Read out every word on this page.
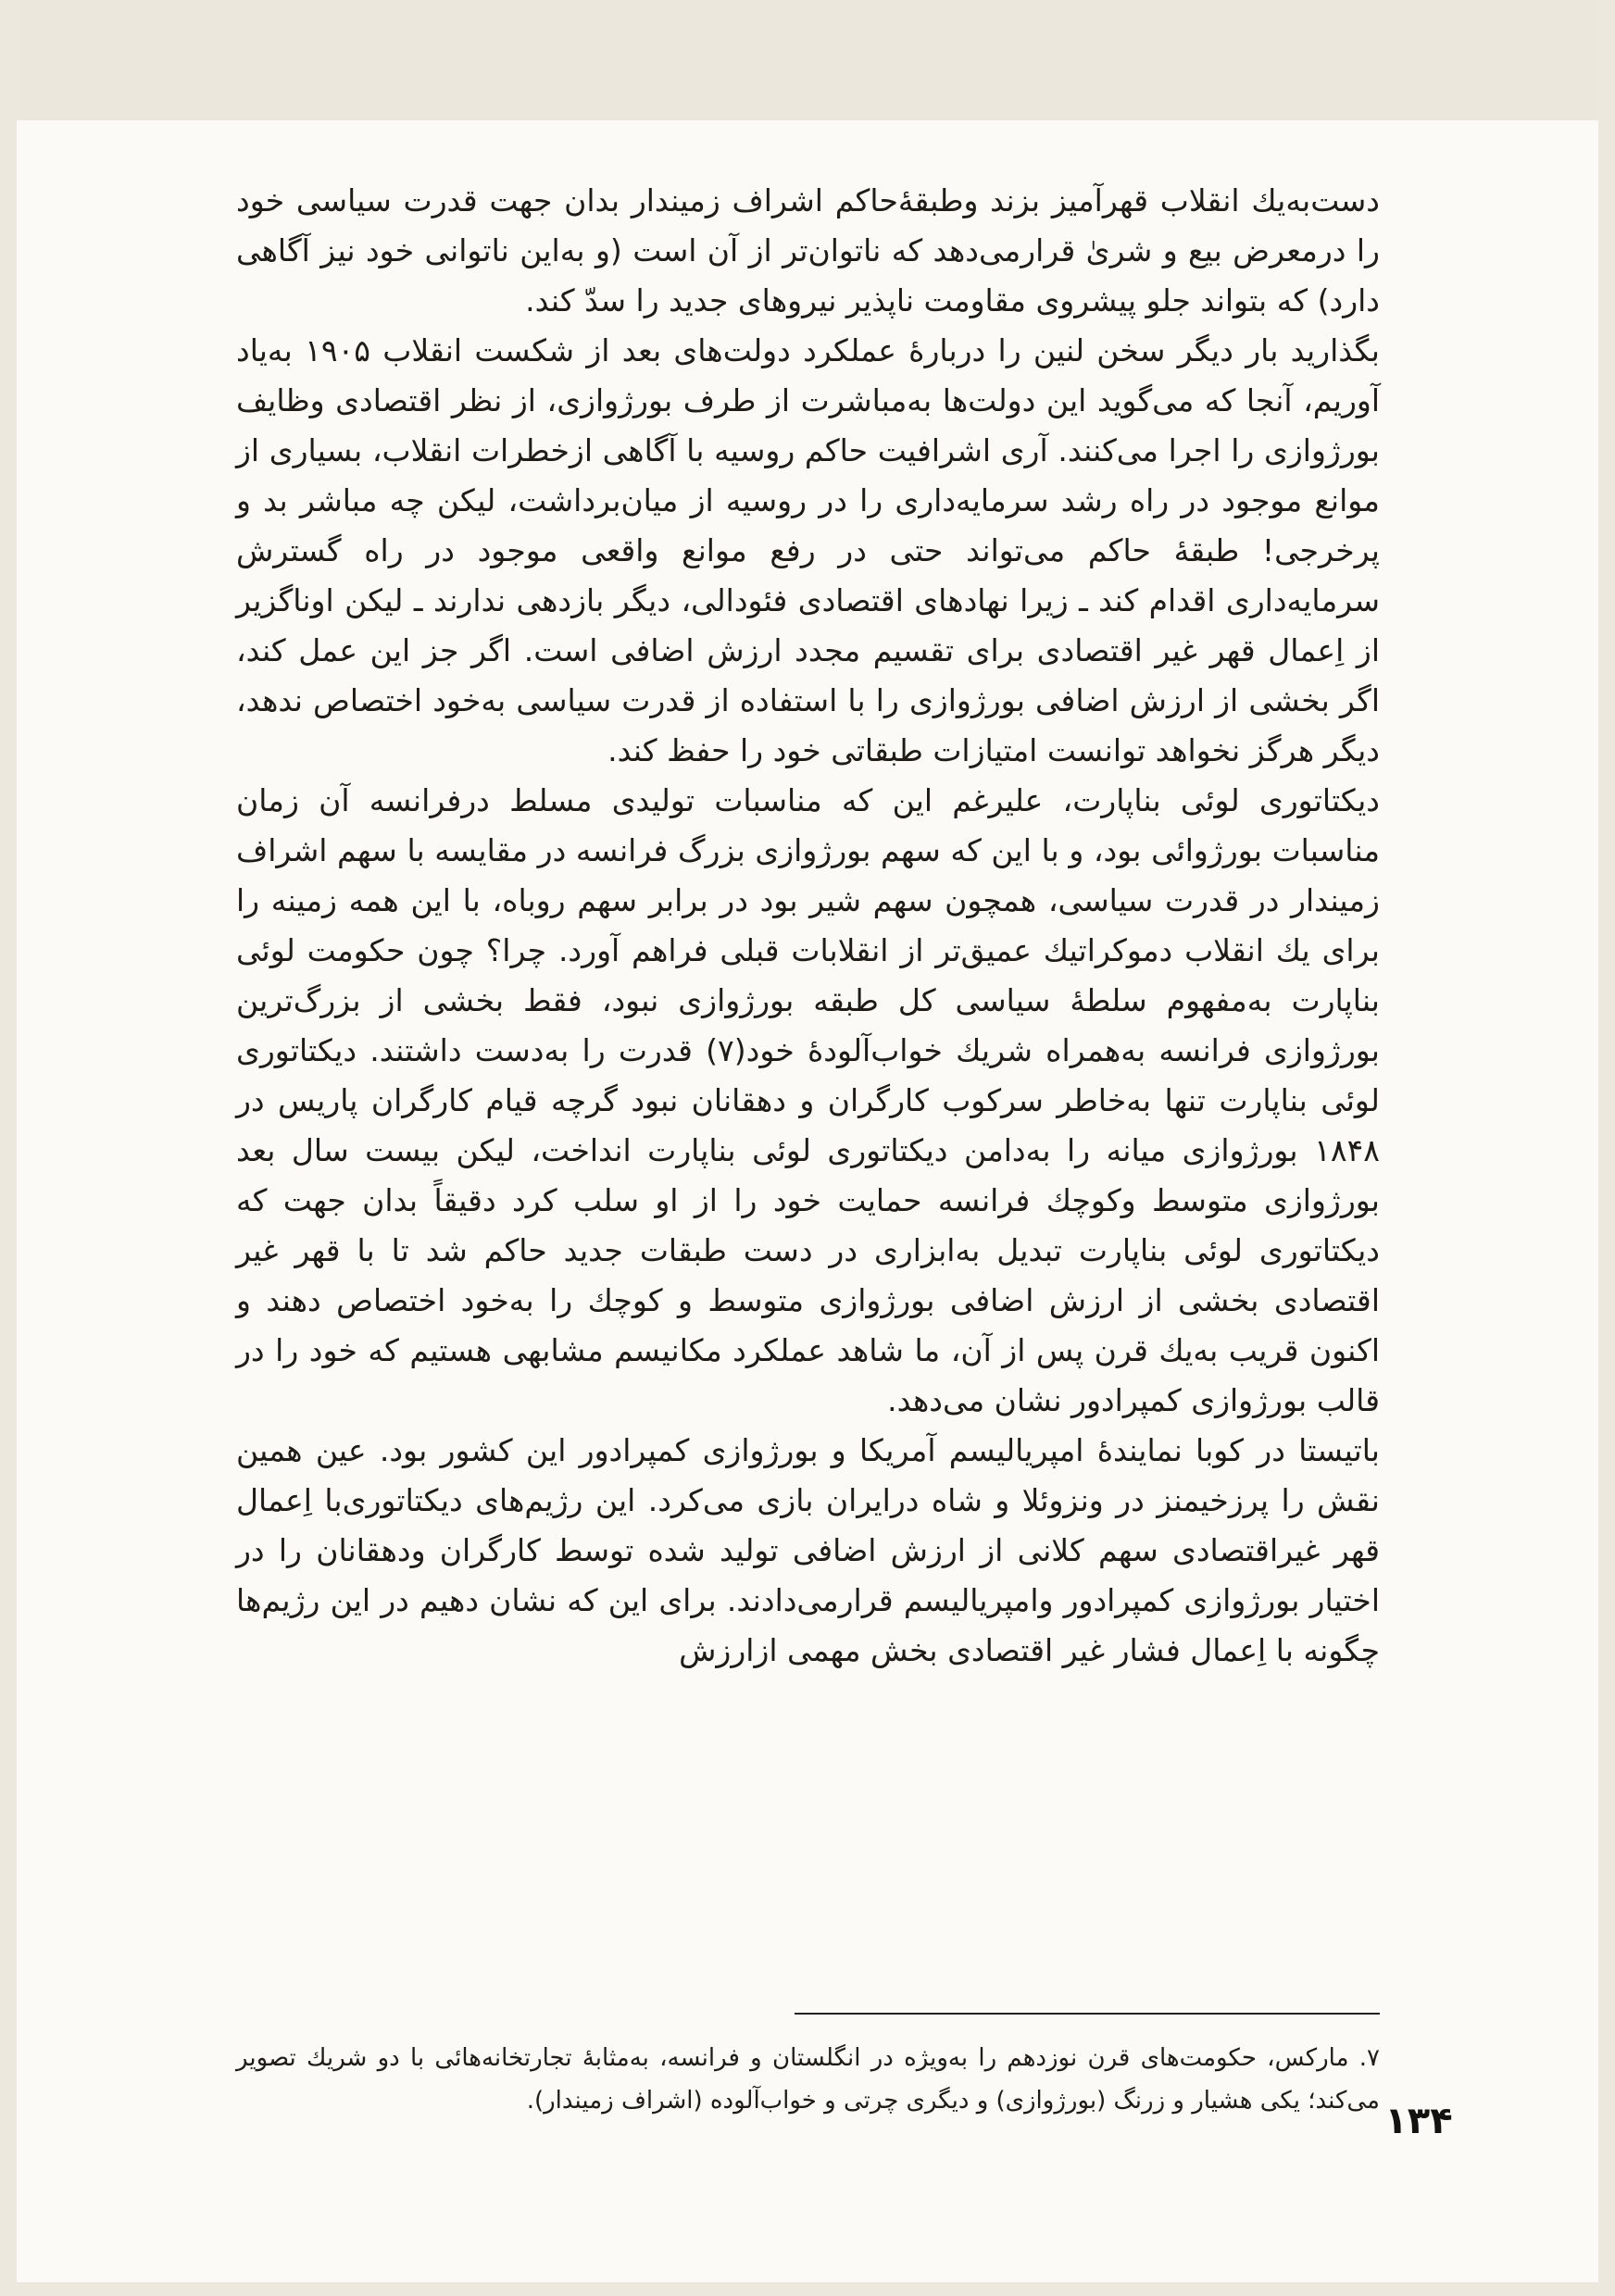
دست‌به‌یك انقلاب قهرآمیز بزند وطبقهٔ‌حاکم اشراف زمیندار بدان جهت قدرت سیاسی خود را درمعرض بیع و شریٰ قرارمی‌دهد که ناتوان‌تر از آن است (و به‌این ناتوانی خود نیز آگاهی دارد) که بتواند جلو پیشروی مقاومت ناپذیر نیروهای جدید را سدّ کند.

بگذارید بار دیگر سخن لنین را دربارهٔ عملکرد دولت‌های بعد از شکست انقلاب ۱۹۰۵ به‌یاد آوریم، آنجا که می‌گوید این دولت‌ها به‌مباشرت از طرف بورژوازی، از نظر اقتصادی وظایف بورژوازی را اجرا می‌کنند. آری اشرافیت حاکم روسیه با آگاهی ازخطرات انقلاب، بسیاری از موانع موجود در راه رشد سرمایه‌داری را در روسیه از میان‌برداشت، لیکن چه مباشر بد و پرخرجی! طبقهٔ حاکم می‌تواند حتی در رفع موانع واقعی موجود در راه گسترش سرمایه‌داری اقدام کند ـ زیرا نهادهای اقتصادی فئودالی، دیگر بازدهی ندارند ـ لیکن اوناگزیر از اِعمال قهر غیر اقتصادی برای تقسیم مجدد ارزش اضافی است. اگر جز این عمل کند، اگر بخشی از ارزش اضافی بورژوازی را با استفاده از قدرت سیاسی به‌خود اختصاص ندهد، دیگر هرگز نخواهد توانست امتیازات طبقاتی خود را حفظ کند.

دیکتاتوری لوئی بناپارت، علیرغم این که مناسبات تولیدی مسلط درفرانسه آن زمان مناسبات بورژوائی بود، و با این که سهم بورژوازی بزرگ فرانسه در مقایسه با سهم اشراف زمیندار در قدرت سیاسی، همچون سهم شیر بود در برابر سهم روباه، با این همه زمینه را برای یك انقلاب دموکراتیك عمیق‌تر از انقلابات قبلی فراهم آورد. چرا؟ چون حکومت لوئی بناپارت به‌مفهوم سلطهٔ سیاسی کل طبقه بورژوازی نبود، فقط بخشی از بزرگ‌ترین بورژوازی فرانسه به‌همراه شریك خواب‌آلودهٔ خود(۷) قدرت را به‌دست داشتند. دیکتاتوری لوئی بناپارت تنها به‌خاطر سرکوب کارگران و دهقانان نبود گرچه قیام کارگران پاریس در ۱۸۴۸ بورژوازی میانه را به‌دامن دیکتاتوری لوئی بناپارت انداخت، لیکن بیست سال بعد بورژوازی متوسط وکوچك فرانسه حمایت خود را از او سلب کرد دقیقاً بدان جهت که دیکتاتوری لوئی بناپارت تبدیل به‌ابزاری در دست طبقات جدید حاکم شد تا با قهر غیر اقتصادی بخشی از ارزش اضافی بورژوازی متوسط و کوچك را به‌خود اختصاص دهند و اکنون قریب به‌یك قرن پس از آن، ما شاهد عملکرد مکانیسم مشابهی هستیم که خود را در قالب بورژوازی کمپرادور نشان می‌دهد.

باتیستا در کوبا نمایندهٔ امپریالیسم آمریکا و بورژوازی کمپرادور این کشور بود. عین همین نقش را پرزخیمنز در ونزوئلا و شاه درایران بازی می‌کرد. این رژیم‌های دیکتاتوری‌با اِعمال قهر غیراقتصادی سهم کلانی از ارزش اضافی تولید شده توسط کارگران ودهقانان را در اختیار بورژوازی کمپرادور وامپریالیسم قرارمی‌دادند. برای این که نشان دهیم در این رژیم‌ها چگونه با اِعمال فشار غیر اقتصادی بخش مهمی ازارزش

۷. مارکس، حکومت‌های قرن نوزدهم را به‌ویژه در انگلستان و فرانسه، به‌مثابهٔ تجارتخانه‌هائی با دو شریك تصویر می‌کند؛ یکی هشیار و زرنگ (بورژوازی) و دیگری چرتی و خواب‌آلوده (اشراف زمیندار). ۱۳۴
